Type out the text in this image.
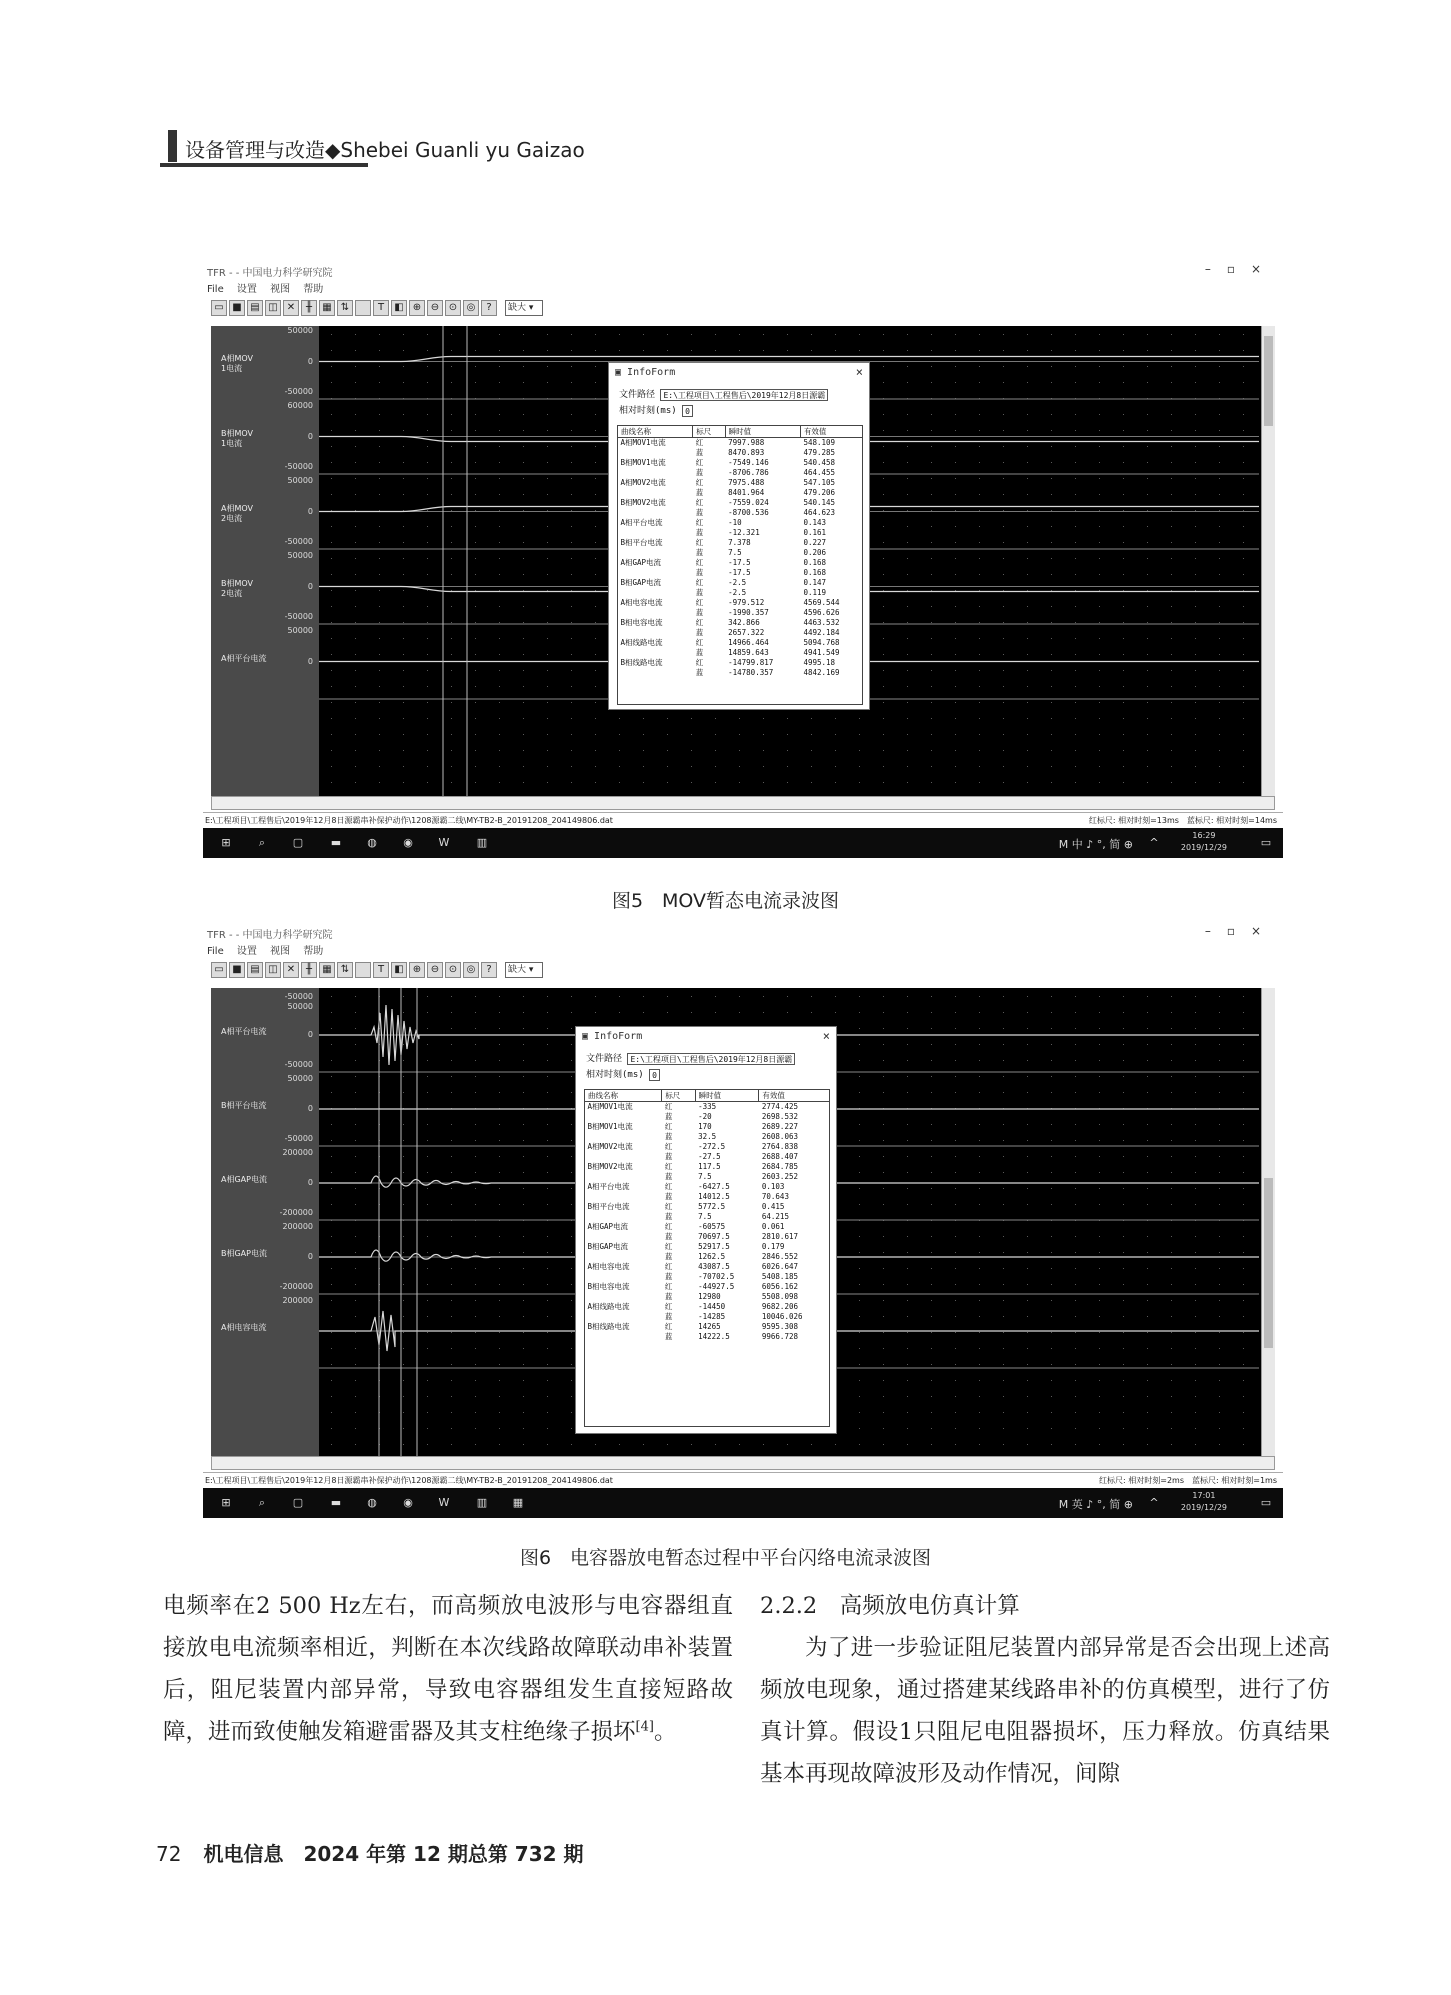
设备管理与改造◆Shebei Guanli yu Gaizao
TFR - - 中国电力科学研究院	–▫×
File 设置 视图 帮助
▭ ■ ▤ ◫ ✕	╫	▦ ⇅	T	◧ ⊕ ⊖ ⊙ ◎	?	缺大 ▾
A相MOV
1电流
50000
0
-50000
B相MOV
1电流
60000
0
-50000
A相MOV
2电流
50000
0
-50000
B相MOV
2电流
50000
0
-50000
A相平台电流
50000
0
E:\工程项目\工程售后\2019年12月8日源霸串补保护动作\1208源霸二线\MY-TB2-B_20191208_204149806.dat	红标尺: 相对时刻=13ms　蓝标尺: 相对时刻=14ms
⊞	⌕	▢	▬	◍	◉	W	▥	M 中 ♪ °, 简 ⊕	^
16:29
2019/12/29	▭
▣ InfoForm	×
文件路径 E:\工程项目\工程售后\2019年12月8日源霸
相对时刻(ms) 0
曲线名称	标尺	瞬时值	有效值
A相MOV1电流	红	7997.988	548.109
	蓝	8470.893	479.285
B相MOV1电流	红	-7549.146	540.458
	蓝	-8706.786	464.455
A相MOV2电流	红	7975.488	547.105
	蓝	8401.964	479.206
B相MOV2电流	红	-7559.024	540.145
	蓝	-8700.536	464.623
A相平台电流	红	-10	0.143
	蓝	-12.321	0.161
B相平台电流	红	7.378	0.227
	蓝	7.5	0.206
A相GAP电流	红	-17.5	0.168
	蓝	-17.5	0.168
B相GAP电流	红	-2.5	0.147
	蓝	-2.5	0.119
A相电容电流	红	-979.512	4569.544
	蓝	-1990.357	4596.626
B相电容电流	红	342.866	4463.532
	蓝	2657.322	4492.184
A相线路电流	红	14966.464	5094.768
	蓝	14859.643	4941.549
B相线路电流	红	-14799.817	4995.18
	蓝	-14780.357	4842.169
图5　MOV暂态电流录波图
TFR - - 中国电力科学研究院	–▫×
File 设置 视图 帮助
▭ ■ ▤ ◫ ✕	╫	▦ ⇅	T	◧ ⊕ ⊖ ⊙ ◎	?	缺大 ▾
A相平台电流
-50000
50000
0
-50000
B相平台电流
50000
0
-50000
A相GAP电流
200000
0
-200000
B相GAP电流
200000
0
-200000
A相电容电流
200000
E:\工程项目\工程售后\2019年12月8日源霸串补保护动作\1208源霸二线\MY-TB2-B_20191208_204149806.dat	红标尺: 相对时刻=2ms　蓝标尺: 相对时刻=1ms
⊞	⌕	▢	▬	◍	◉	W	▥	▦	M 英 ♪ °, 简 ⊕	^
17:01
2019/12/29	▭
▣ InfoForm	×
文件路径 E:\工程项目\工程售后\2019年12月8日源霸
相对时刻(ms) 0
曲线名称	标尺	瞬时值	有效值
A相MOV1电流	红	-335	2774.425
	蓝	-20	2698.532
B相MOV1电流	红	170	2689.227
	蓝	32.5	2608.063
A相MOV2电流	红	-272.5	2764.838
	蓝	-27.5	2688.407
B相MOV2电流	红	117.5	2684.785
	蓝	7.5	2603.252
A相平台电流	红	-6427.5	0.103
	蓝	14012.5	70.643
B相平台电流	红	5772.5	0.415
	蓝	7.5	64.215
A相GAP电流	红	-60575	0.061
	蓝	70697.5	2810.617
B相GAP电流	红	52917.5	0.179
	蓝	1262.5	2846.552
A相电容电流	红	43087.5	6026.647
	蓝	-70702.5	5408.185
B相电容电流	红	-44927.5	6056.162
	蓝	12980	5508.098
A相线路电流	红	-14450	9682.206
	蓝	-14285	10046.026
B相线路电流	红	14265	9595.308
	蓝	14222.5	9966.728
图6　电容器放电暂态过程中平台闪络电流录波图

电频率在2 500 Hz左右，而高频放电波形与电容器组直接放电电流频率相近，判断在本次线路故障联动串补装置后，阻尼装置内部异常，导致电容器组发生直接短路故障，进而致使触发箱避雷器及其支柱绝缘子损坏[4]。

2.2.2　高频放电仿真计算

为了进一步验证阻尼装置内部异常是否会出现上述高频放电现象，通过搭建某线路串补的仿真模型，进行了仿真计算。假设1只阻尼电阻器损坏，压力释放。仿真结果基本再现故障波形及动作情况，间隙

72 机电信息　2024 年第 12 期总第 732 期
